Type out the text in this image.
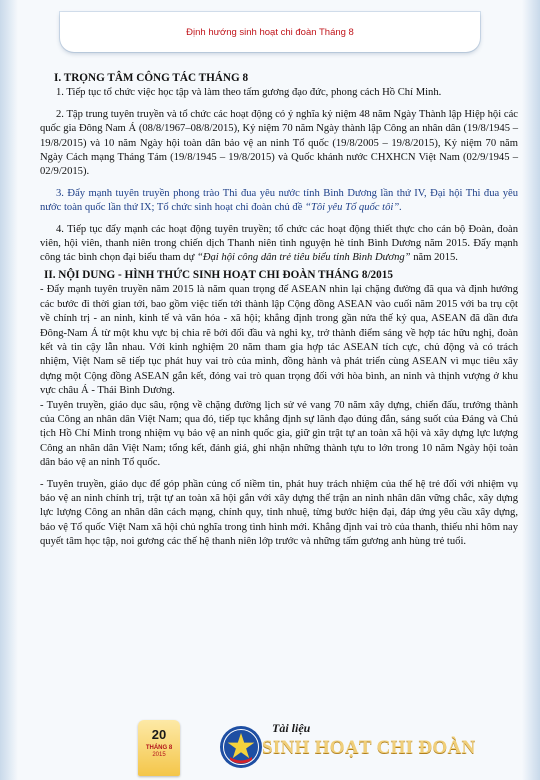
Định hướng sinh hoạt chi đoàn Tháng 8

I. TRỌNG TÂM CÔNG TÁC THÁNG 8

1. Tiếp tục tổ chức việc học tập và làm theo tấm gương đạo đức, phong cách Hồ Chí Minh.

2. Tập trung tuyên truyền và tổ chức các hoạt động có ý nghĩa kỷ niệm 48 năm Ngày Thành lập Hiệp hội các quốc gia Đông Nam Á (08/8/1967–08/8/2015), Kỷ niệm 70 năm Ngày thành lập Công an nhân dân (19/8/1945 – 19/8/2015) và 10 năm Ngày hội toàn dân bảo vệ an ninh Tổ quốc (19/8/2005 – 19/8/2015), Kỷ niệm 70 năm Ngày Cách mạng Tháng Tám (19/8/1945 – 19/8/2015) và Quốc khánh nước CHXHCN Việt Nam (02/9/1945 – 02/9/2015).

3. Đẩy mạnh tuyên truyền phong trào Thi đua yêu nước tỉnh Bình Dương lần thứ IV, Đại hội Thi đua yêu nước toàn quốc lần thứ IX; Tổ chức sinh hoạt chi đoàn chủ đề “Tôi yêu Tổ quốc tôi”.

4. Tiếp tục đẩy mạnh các hoạt động tuyên truyền; tổ chức các hoạt động thiết thực cho cán bộ Đoàn, đoàn viên, hội viên, thanh niên trong chiến dịch Thanh niên tình nguyện hè tỉnh Bình Dương năm 2015. Đẩy mạnh công tác bình chọn đại biểu tham dự “Đại hội công dân trẻ tiêu biểu tỉnh Bình Dương” năm 2015.

II. NỘI DUNG - HÌNH THỨC SINH HOẠT CHI ĐOÀN THÁNG 8/2015

- Đẩy mạnh tuyên truyền năm 2015 là năm quan trọng để ASEAN nhìn lại chặng đường đã qua và định hướng các bước đi thời gian tới, bao gồm việc tiến tới thành lập Cộng đồng ASEAN vào cuối năm 2015 với ba trụ cột về chính trị - an ninh, kinh tế và văn hóa - xã hội; khẳng định trong gần nửa thế kỷ qua, ASEAN đã dần đưa Đông-Nam Á từ một khu vực bị chia rẽ bởi đối đầu và nghi kỵ, trở thành điểm sáng về hợp tác hữu nghị, đoàn kết và tin cậy lẫn nhau. Với kinh nghiệm 20 năm tham gia hợp tác ASEAN tích cực, chủ động và có trách nhiệm, Việt Nam sẽ tiếp tục phát huy vai trò của mình, đồng hành và phát triển cùng ASEAN vì mục tiêu xây dựng một Cộng đồng ASEAN gắn kết, đóng vai trò quan trọng đối với hòa bình, an ninh và thịnh vượng ở khu vực châu Á - Thái Bình Dương.

- Tuyên truyền, giáo dục sâu, rộng về chặng đường lịch sử vẻ vang 70 năm xây dựng, chiến đấu, trưởng thành của Công an nhân dân Việt Nam; qua đó, tiếp tục khẳng định sự lãnh đạo đúng đắn, sáng suốt của Đảng và Chủ tịch Hồ Chí Minh trong nhiệm vụ bảo vệ an ninh quốc gia, giữ gìn trật tự an toàn xã hội và xây dựng lực lượng Công an nhân dân Việt Nam; tổng kết, đánh giá, ghi nhận những thành tựu to lớn trong 10 năm Ngày hội toàn dân bảo vệ an ninh Tổ quốc.

- Tuyên truyền, giáo dục để góp phần củng cố niềm tin, phát huy trách nhiệm của thế hệ trẻ đối với nhiệm vụ bảo vệ an ninh chính trị, trật tự an toàn xã hội gắn với xây dựng thế trận an ninh nhân dân vững chắc, xây dựng lực lượng Công an nhân dân cách mạng, chính quy, tinh nhuệ, từng bước hiện đại, đáp ứng yêu cầu xây dựng, bảo vệ Tổ quốc Việt Nam xã hội chủ nghĩa trong tình hình mới. Khẳng định vai trò của thanh, thiếu nhi hôm nay quyết tâm học tập, noi gương các thế hệ thanh niên lớp trước và những tấm gương anh hùng trẻ tuổi.

20
THÁNG 8
2015
Tài liệu
SINH HOẠT CHI ĐOÀN
